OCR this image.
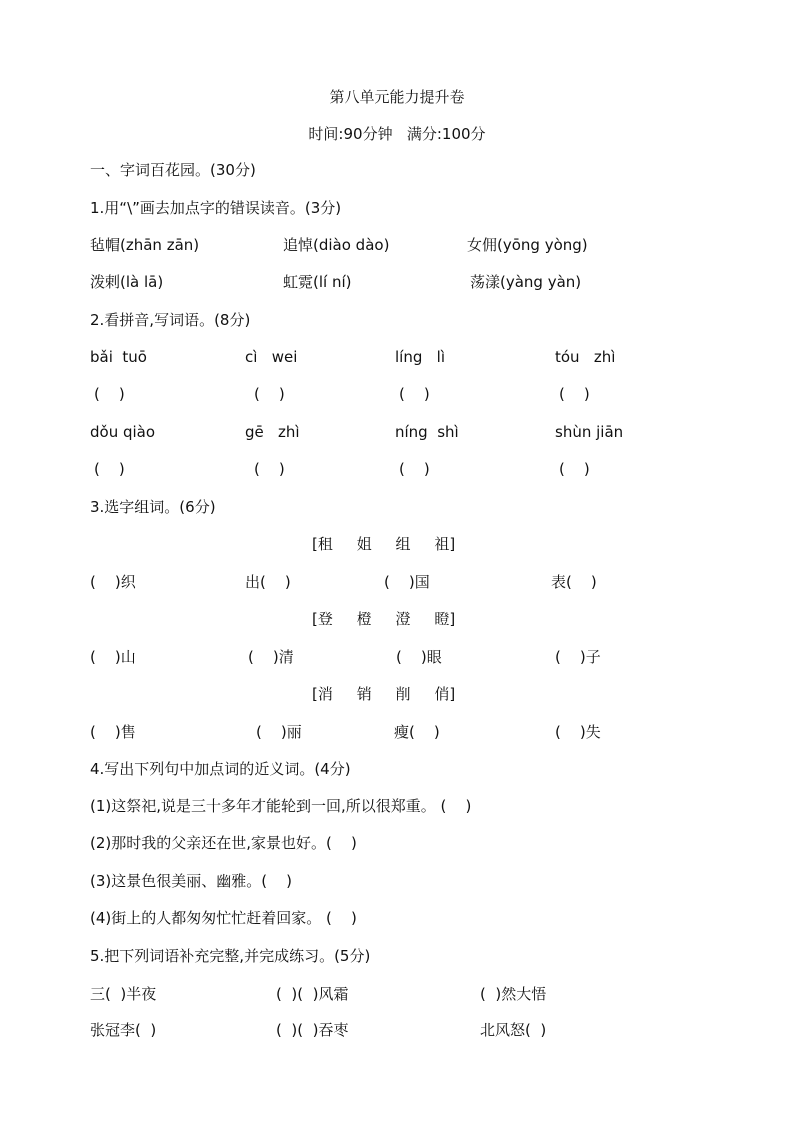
第八单元能力提升卷
时间:90分钟   满分:100分
一、字词百花园。(30分)
1.用“\”画去加点字的错误读音。(3分)
毡帽(zhān zān)	追悼(diào dào)	女佣(yōng yòng)
泼剌(là lā)	虹霓(lí ní)	荡漾(yàng yàn)
2.看拼音,写词语。(8分)
bǎi  tuō	cì   wei	líng   lì	tóu   zhì
(    )	(    )	(    )	(    )
dǒu qiào	gē   zhì	níng  shì	shùn jiān
(    )	(    )	(    )	(    )
3.选字组词。(6分)
[租     姐     组     祖]
(    )织	出(    )	(    )国	表(    )
[登     橙     澄     瞪]
(    )山	(    )清	(    )眼	(    )子
[消     销     削     俏]
(    )售	(    )丽	瘦(    )	(    )失
4.写出下列句中加点词的近义词。(4分)
(1)这祭祀,说是三十多年才能轮到一回,所以很郑重。 (    )
(2)那时我的父亲还在世,家景也好。(    )
(3)这景色很美丽、幽雅。(    )
(4)街上的人都匆匆忙忙赶着回家。 (    )
5.把下列词语补充完整,并完成练习。(5分)
三(  )半夜	(  )(  )风霜	(  )然大悟
张冠李(  )	(  )(  )吞枣	北风怒(  )
